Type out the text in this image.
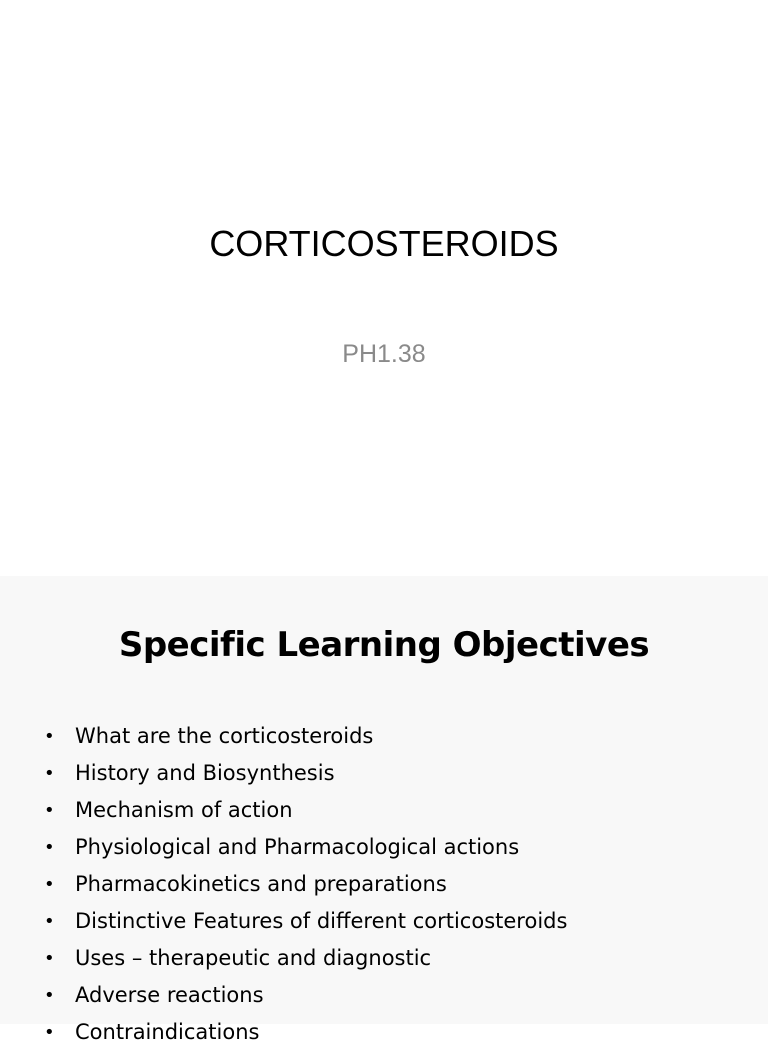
CORTICOSTEROIDS
PH1.38
Specific Learning Objectives
• What are the corticosteroids
• History and Biosynthesis
• Mechanism of action
• Physiological and Pharmacological actions
• Pharmacokinetics and preparations
• Distinctive Features of different corticosteroids
• Uses – therapeutic and diagnostic
• Adverse reactions
• Contraindications
